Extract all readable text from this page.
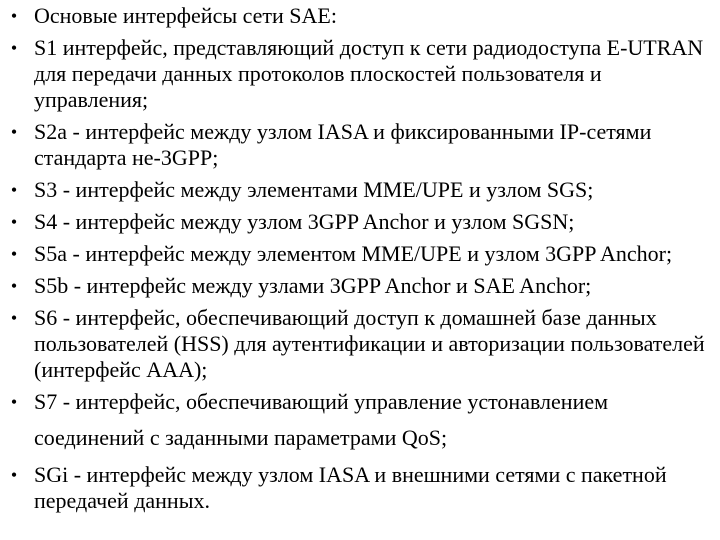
• Основые интерфейсы сети SAE:
• S1 интерфейс, представляющий доступ к сети радиодоступа E-UTRAN для передачи данных протоколов плоскостей пользователя и управления;
• S2a - интерфейс между узлом IASA и фиксированными IP-сетями стандарта не-3GPP;
• S3 - интерфейс между элементами MME/UPE и узлом SGS;
• S4 - интерфейс между узлом 3GPP Anchor и узлом SGSN;
• S5a - интерфейс между элементом MME/UPE и узлом 3GPP Anchor;
• S5b - интерфейс между узлами 3GPP Anchor и SAE Anchor;
• S6 - интерфейс, обеспечивающий доступ к домашней базе данных пользователей (HSS) для аутентификации и авторизации пользователей (интерфейс AAA);
• S7 - интерфейс, обеспечивающий управление устонавлением соединений с заданными параметрами QoS;
• SGi - интерфейс между узлом IASA и внешними сетями с пакетной передачей данных.
